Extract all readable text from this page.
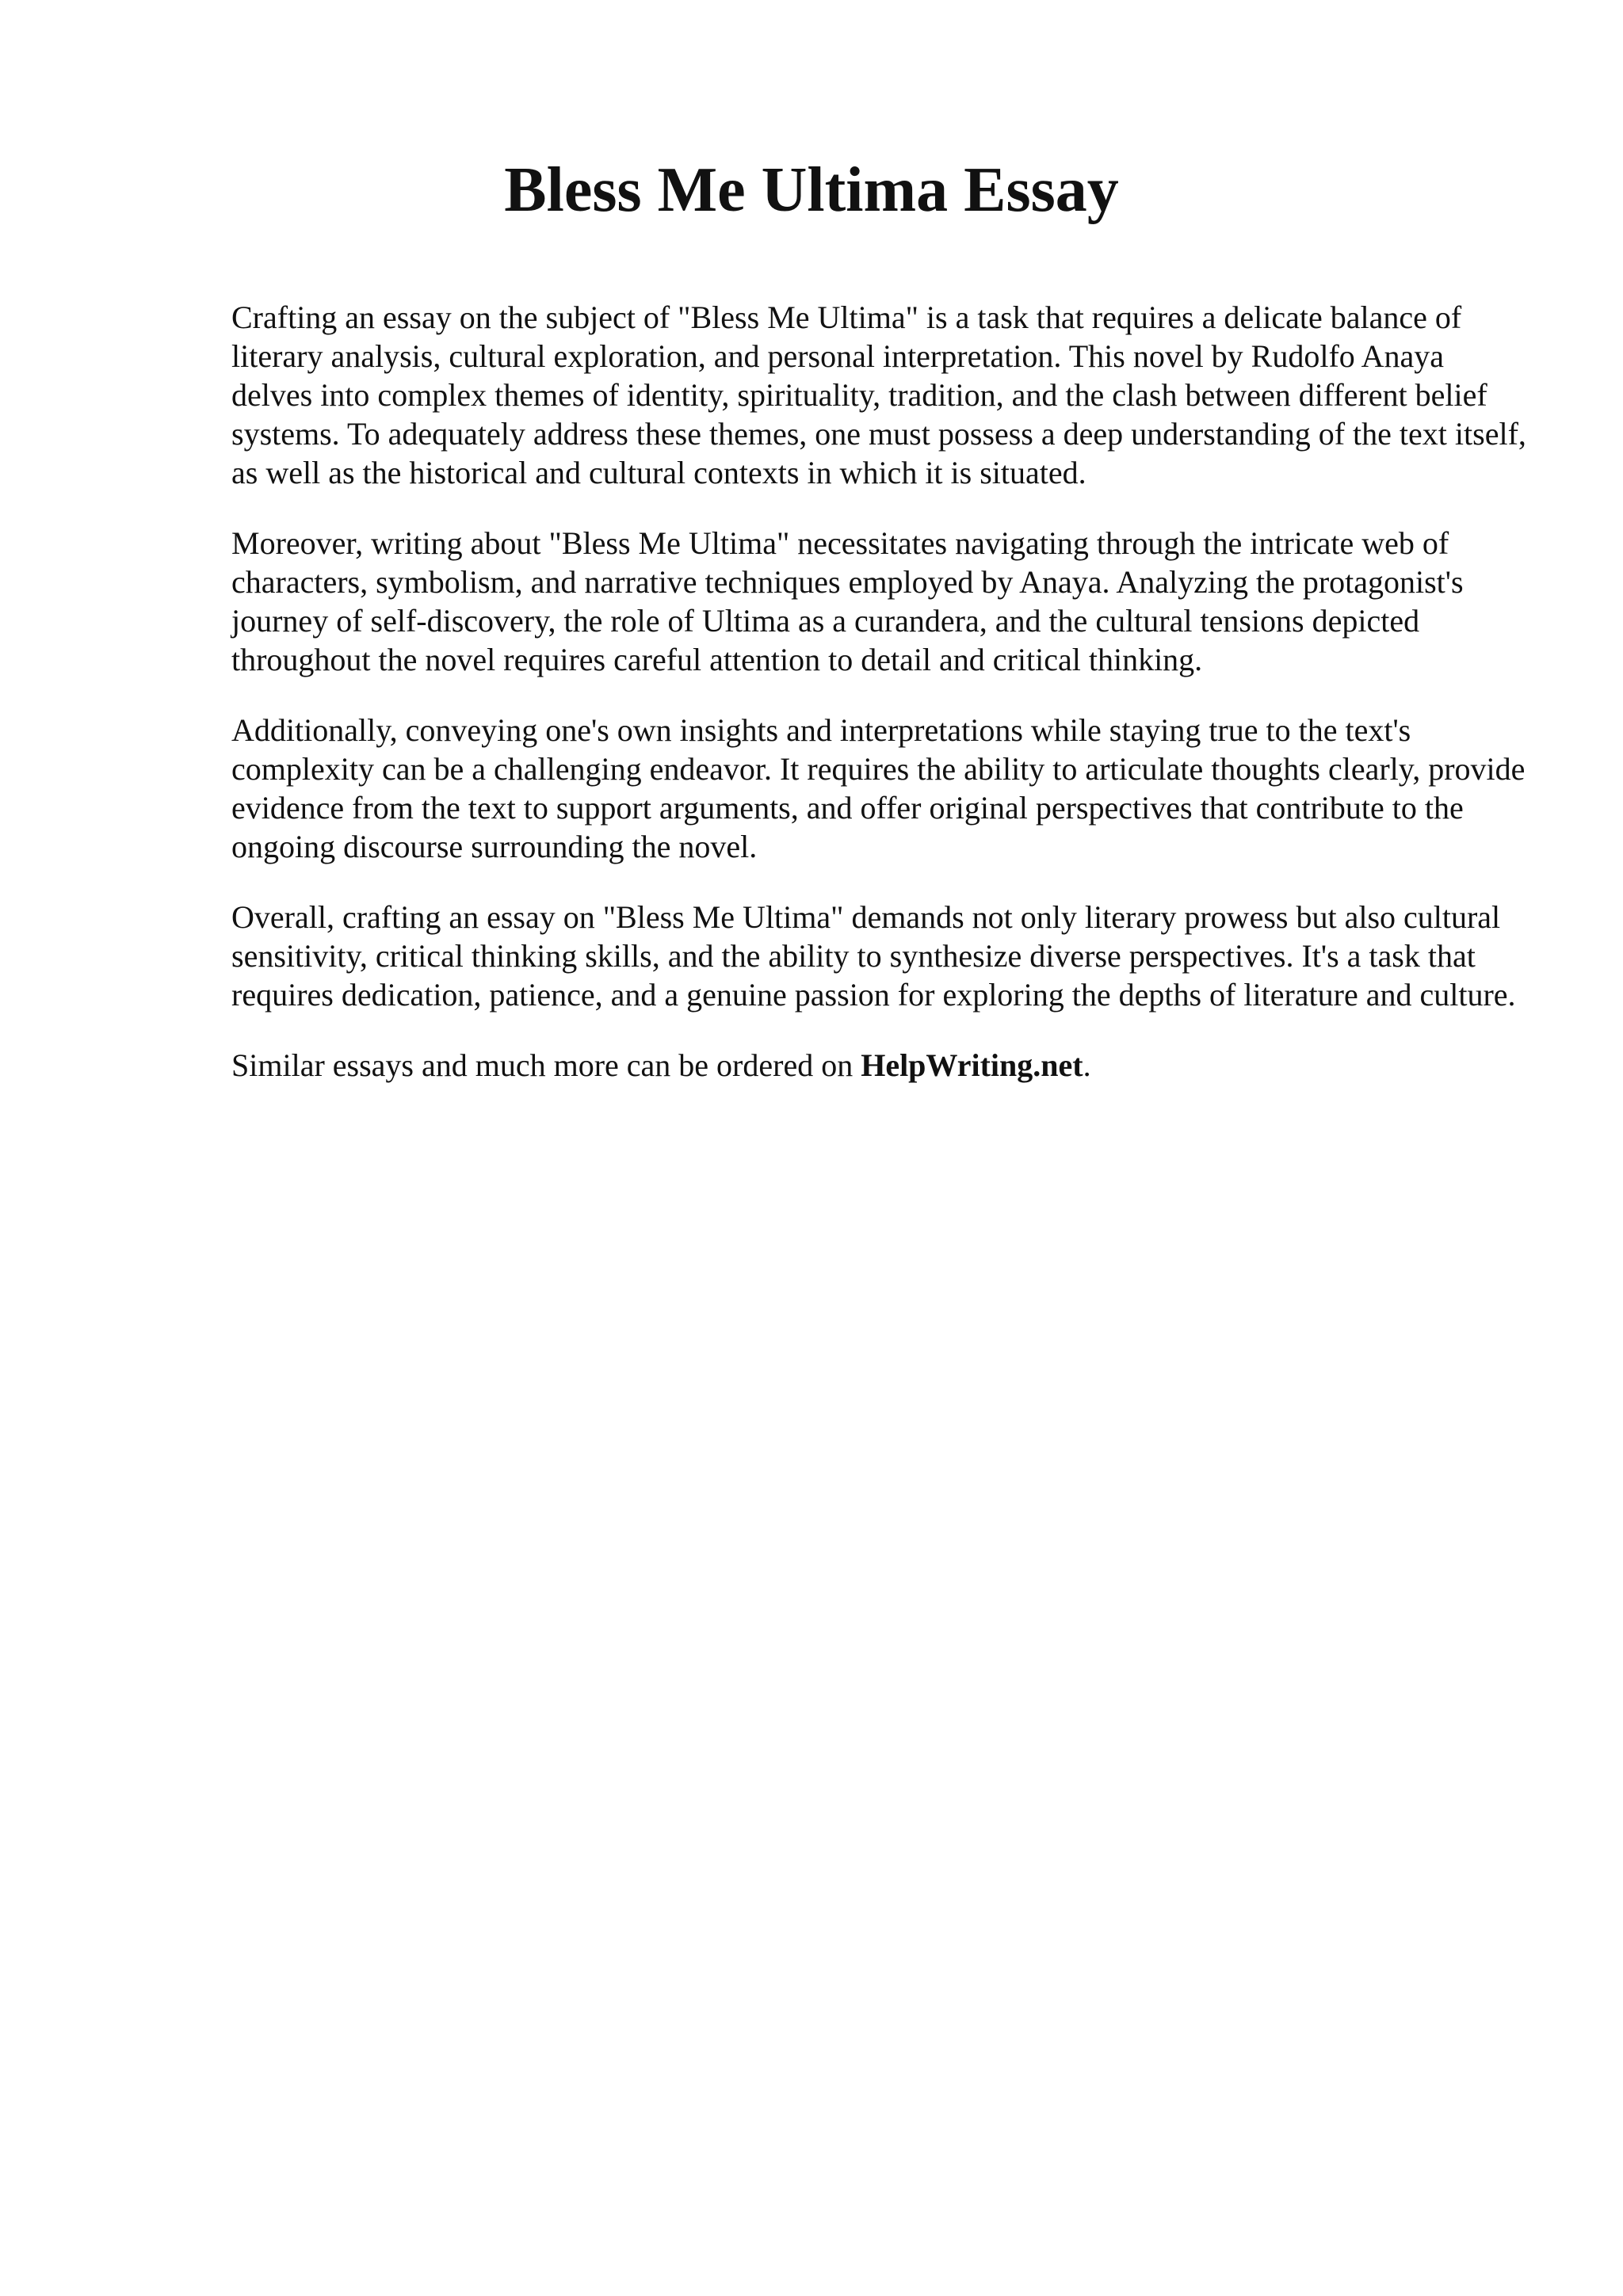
Bless Me Ultima Essay

Crafting an essay on the subject of "Bless Me Ultima" is a task that requires a delicate balance of literary analysis, cultural exploration, and personal interpretation. This novel by Rudolfo Anaya delves into complex themes of identity, spirituality, tradition, and the clash between different belief systems. To adequately address these themes, one must possess a deep understanding of the text itself, as well as the historical and cultural contexts in which it is situated.

Moreover, writing about "Bless Me Ultima" necessitates navigating through the intricate web of characters, symbolism, and narrative techniques employed by Anaya. Analyzing the protagonist's journey of self-discovery, the role of Ultima as a curandera, and the cultural tensions depicted throughout the novel requires careful attention to detail and critical thinking.

Additionally, conveying one's own insights and interpretations while staying true to the text's complexity can be a challenging endeavor. It requires the ability to articulate thoughts clearly, provide evidence from the text to support arguments, and offer original perspectives that contribute to the ongoing discourse surrounding the novel.

Overall, crafting an essay on "Bless Me Ultima" demands not only literary prowess but also cultural sensitivity, critical thinking skills, and the ability to synthesize diverse perspectives. It's a task that requires dedication, patience, and a genuine passion for exploring the depths of literature and culture.

Similar essays and much more can be ordered on HelpWriting.net.
